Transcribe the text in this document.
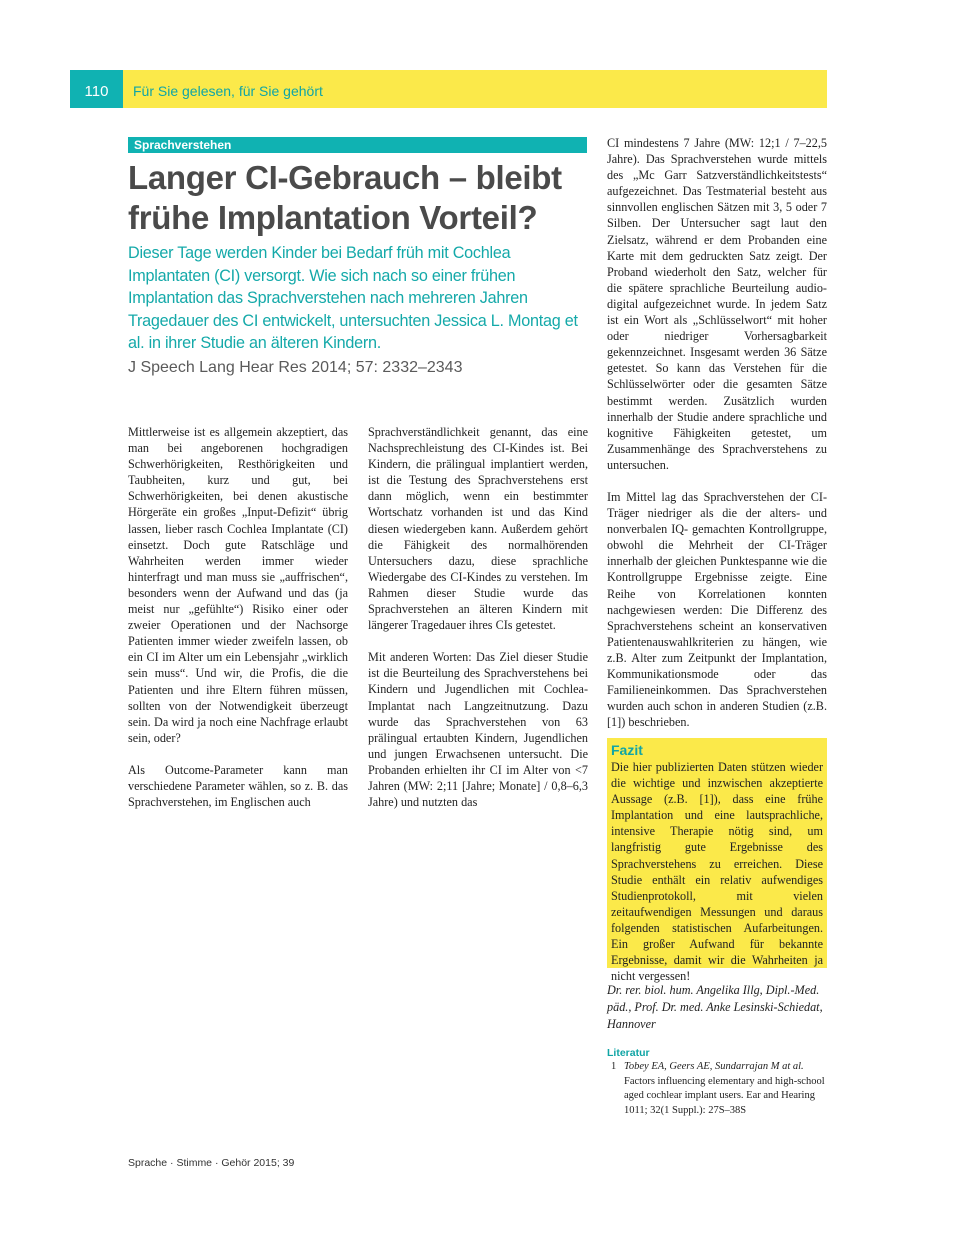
110	Für Sie gelesen, für Sie gehört
Sprachverstehen
Langer CI-Gebrauch – bleibt frühe Implantation Vorteil?

Dieser Tage werden Kinder bei Bedarf früh mit Cochlea Implantaten (CI) versorgt. Wie sich nach so einer frühen Implantation das Sprachverstehen nach mehreren Jahren Tragedauer des CI entwickelt, untersuchten Jessica L. Montag et al. in ihrer Studie an älteren Kindern.

J Speech Lang Hear Res 2014; 57: 2332–2343

Mittlerweise ist es allgemein akzeptiert, das man bei angeborenen hochgradigen Schwerhörigkeiten, Resthörigkeiten und Taubheiten, kurz und gut, bei Schwerhörigkeiten, bei denen akustische Hörgeräte ein großes „Input-Defizit“ übrig lassen, lieber rasch Cochlea Implantate (CI) einsetzt. Doch gute Ratschläge und Wahrheiten werden immer wieder hinterfragt und man muss sie „auffrischen“, besonders wenn der Aufwand und das (ja meist nur „gefühlte“) Risiko einer oder zweier Operationen und der Nachsorge Patienten immer wieder zweifeln lassen, ob ein CI im Alter um ein Lebensjahr „wirklich sein muss“. Und wir, die Profis, die die Patienten und ihre Eltern führen müssen, sollten von der Notwendigkeit überzeugt sein. Da wird ja noch eine Nachfrage erlaubt sein, oder?

Als Outcome-Parameter kann man verschiedene Parameter wählen, so z. B. das Sprachverstehen, im Englischen auch

Sprachverständlichkeit genannt, das eine Nachsprechleistung des CI-Kindes ist. Bei Kindern, die prälingual implantiert werden, ist die Testung des Sprachverstehens erst dann möglich, wenn ein bestimmter Wortschatz vorhanden ist und das Kind diesen wiedergeben kann. Außerdem gehört die Fähigkeit des normalhörenden Untersuchers dazu, diese sprachliche Wiedergabe des CI-Kindes zu verstehen. Im Rahmen dieser Studie wurde das Sprachverstehen an älteren Kindern mit längerer Tragedauer ihres CIs getestet.

Mit anderen Worten: Das Ziel dieser Studie ist die Beurteilung des Sprachverstehens bei Kindern und Jugendlichen mit Cochlea-Implantat nach Langzeitnutzung. Dazu wurde das Sprachverstehen von 63 prälingual ertaubten Kindern, Jugendlichen und jungen Erwachsenen untersucht. Die Probanden erhielten ihr CI im Alter von <7 Jahren (MW: 2;11 [Jahre; Monate] / 0,8–6,3 Jahre) und nutzten das

CI mindestens 7 Jahre (MW: 12;1 / 7–22,5 Jahre). Das Sprachverstehen wurde mittels des „Mc Garr Satzverständlichkeitstests“ aufgezeichnet. Das Testmaterial besteht aus sinnvollen englischen Sätzen mit 3, 5 oder 7 Silben. Der Untersucher sagt laut den Zielsatz, während er dem Probanden eine Karte mit dem gedruckten Satz zeigt. Der Proband wiederholt den Satz, welcher für die spätere sprachliche Beurteilung audio-digital aufgezeichnet wurde. In jedem Satz ist ein Wort als „Schlüsselwort“ mit hoher oder niedriger Vorhersagbarkeit gekennzeichnet. Insgesamt werden 36 Sätze getestet. So kann das Verstehen für die Schlüsselwörter oder die gesamten Sätze bestimmt werden. Zusätzlich wurden innerhalb der Studie andere sprachliche und kognitive Fähigkeiten getestet, um Zusammenhänge des Sprachverstehens zu untersuchen.

Im Mittel lag das Sprachverstehen der CI-Träger niedriger als die der alters- und nonverbalen IQ- gemachten Kontrollgruppe, obwohl die Mehrheit der CI-Träger innerhalb der gleichen Punktespanne wie die Kontrollgruppe Ergebnisse zeigte. Eine Reihe von Korrelationen konnten nachgewiesen werden: Die Differenz des Sprachverstehens scheint an konservativen Patientenauswahlkriterien zu hängen, wie z.B. Alter zum Zeitpunkt der Implantation, Kommunikationsmode oder das Familieneinkommen. Das Sprachverstehen wurden auch schon in anderen Studien (z.B. [1]) beschrieben.

Fazit

Die hier publizierten Daten stützen wieder die wichtige und inzwischen akzeptierte Aussage (z.B. [1]), dass eine frühe Implantation und eine lautsprachliche, intensive Therapie nötig sind, um langfristig gute Ergebnisse des Sprachverstehens zu erreichen. Diese Studie enthält ein relativ aufwendiges Studienprotokoll, mit vielen zeitaufwendigen Messungen und daraus folgenden statistischen Aufarbeitungen. Ein großer Aufwand für bekannte Ergebnisse, damit wir die Wahrheiten ja nicht vergessen!

Dr. rer. biol. hum. Angelika Illg, Dipl.-Med. päd., Prof. Dr. med. Anke Lesinski-Schiedat, Hannover

Literatur

1 Tobey EA, Geers AE, Sundarrajan M at al. Factors influencing elementary and high-school aged cochlear implant users. Ear and Hearing 1011; 32(1 Suppl.): 27S–38S

Sprache · Stimme · Gehör 2015; 39
